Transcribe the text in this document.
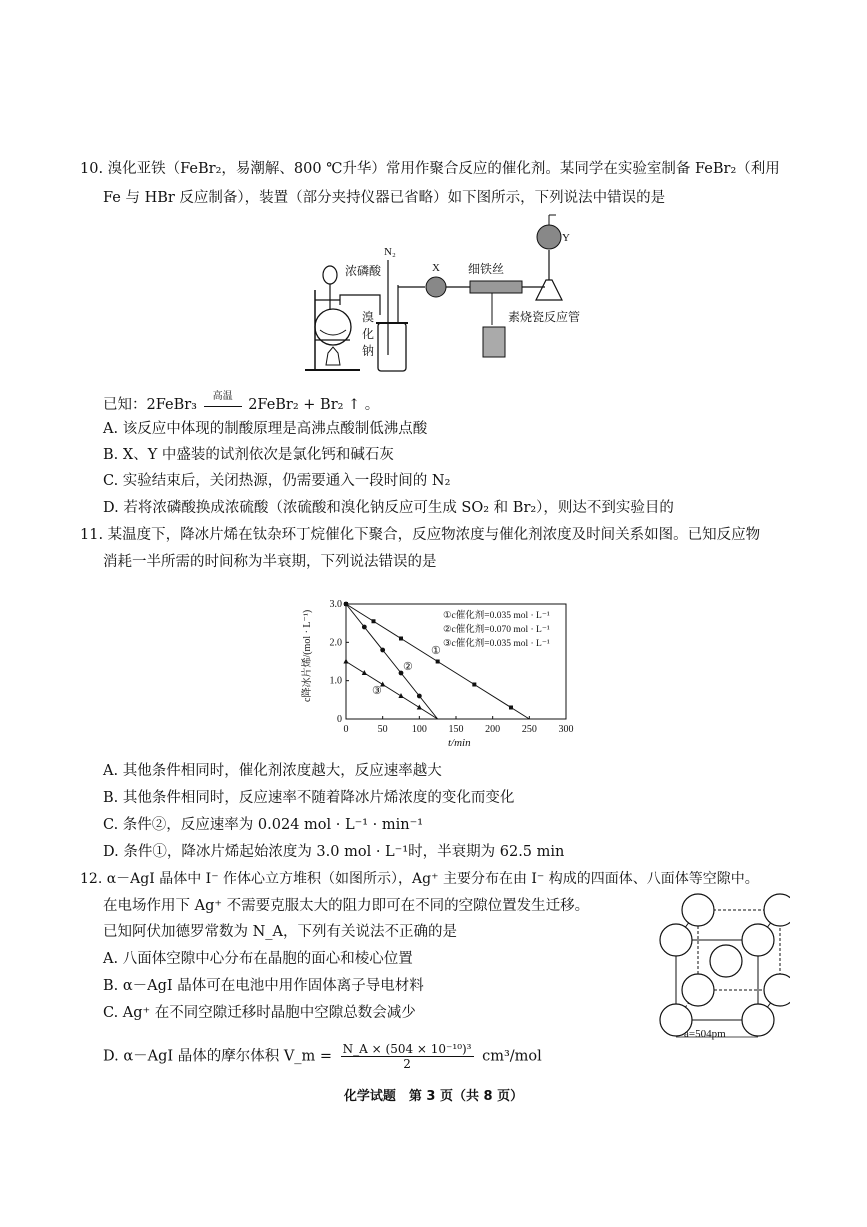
10. 溴化亚铁（FeBr₂，易潮解、800 ℃升华）常用作聚合反应的催化剂。某同学在实验室制备 FeBr₂（利用
Fe 与 HBr 反应制备），装置（部分夹持仪器已省略）如下图所示，下列说法中错误的是
浓磷酸
N₂
溴
化
钠
X 细铁丝
Y
素烧瓷反应管
已知：2FeBr₃
高温
2FeBr₂ + Br₂ ↑ 。
A. 该反应中体现的制酸原理是高沸点酸制低沸点酸
B. X、Y 中盛装的试剂依次是氯化钙和碱石灰
C. 实验结束后，关闭热源，仍需要通入一段时间的 N₂
D. 若将浓磷酸换成浓硫酸（浓硫酸和溴化钠反应可生成 SO₂ 和 Br₂），则达不到实验目的
11. 某温度下，降冰片烯在钛杂环丁烷催化下聚合，反应物浓度与催化剂浓度及时间关系如图。已知反应物
消耗一半所需的时间称为半衰期，下列说法错误的是
0	50 100 150 200 250 300
0
1.0
2.0
3.0
c降冰片烯/(mol · L⁻¹)
t/min
①c催化剂=0.035 mol · L⁻¹
②c催化剂=0.070 mol · L⁻¹
③c催化剂=0.035 mol · L⁻¹
①
②
③
A. 其他条件相同时，催化剂浓度越大，反应速率越大
B. 其他条件相同时，反应速率不随着降冰片烯浓度的变化而变化
C. 条件②，反应速率为 0.024 mol · L⁻¹ · min⁻¹
D. 条件①，降冰片烯起始浓度为 3.0 mol · L⁻¹时，半衰期为 62.5 min
12. α－AgI 晶体中 I⁻ 作体心立方堆积（如图所示），Ag⁺ 主要分布在由 I⁻ 构成的四面体、八面体等空隙中。
在电场作用下 Ag⁺ 不需要克服太大的阻力即可在不同的空隙位置发生迁移。
已知阿伏加德罗常数为 N_A，下列有关说法不正确的是
A. 八面体空隙中心分布在晶胞的面心和棱心位置
B. α－AgI 晶体可在电池中用作固体离子导电材料
C. Ag⁺ 在不同空隙迁移时晶胞中空隙总数会减少
D. α－AgI 晶体的摩尔体积 V_m = $\frac{\text{N\_A × (504 × 10⁻¹⁰)³}}{2} cm^3/mol$
a=504pm
化学试题　第 3 页（共 8 页）
